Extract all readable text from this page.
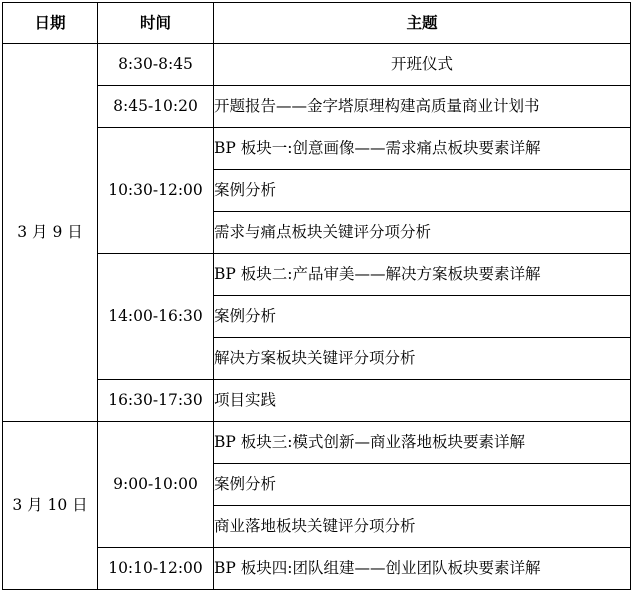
日期	时间	主题
3 月 9 日	8:30-8:45	开班仪式
	8:45-10:20	开题报告——金字塔原理构建高质量商业计划书
	10:30-12:00	BP 板块一:创意画像——需求痛点板块要素详解
		案例分析
		需求与痛点板块关键评分项分析
	14:00-16:30	BP 板块二:产品审美——解决方案板块要素详解
		案例分析
		解决方案板块关键评分项分析
	16:30-17:30	项目实践
3 月 10 日	9:00-10:00	BP 板块三:模式创新—商业落地板块要素详解
		案例分析
		商业落地板块关键评分项分析
	10:10-12:00	BP 板块四:团队组建——创业团队板块要素详解
